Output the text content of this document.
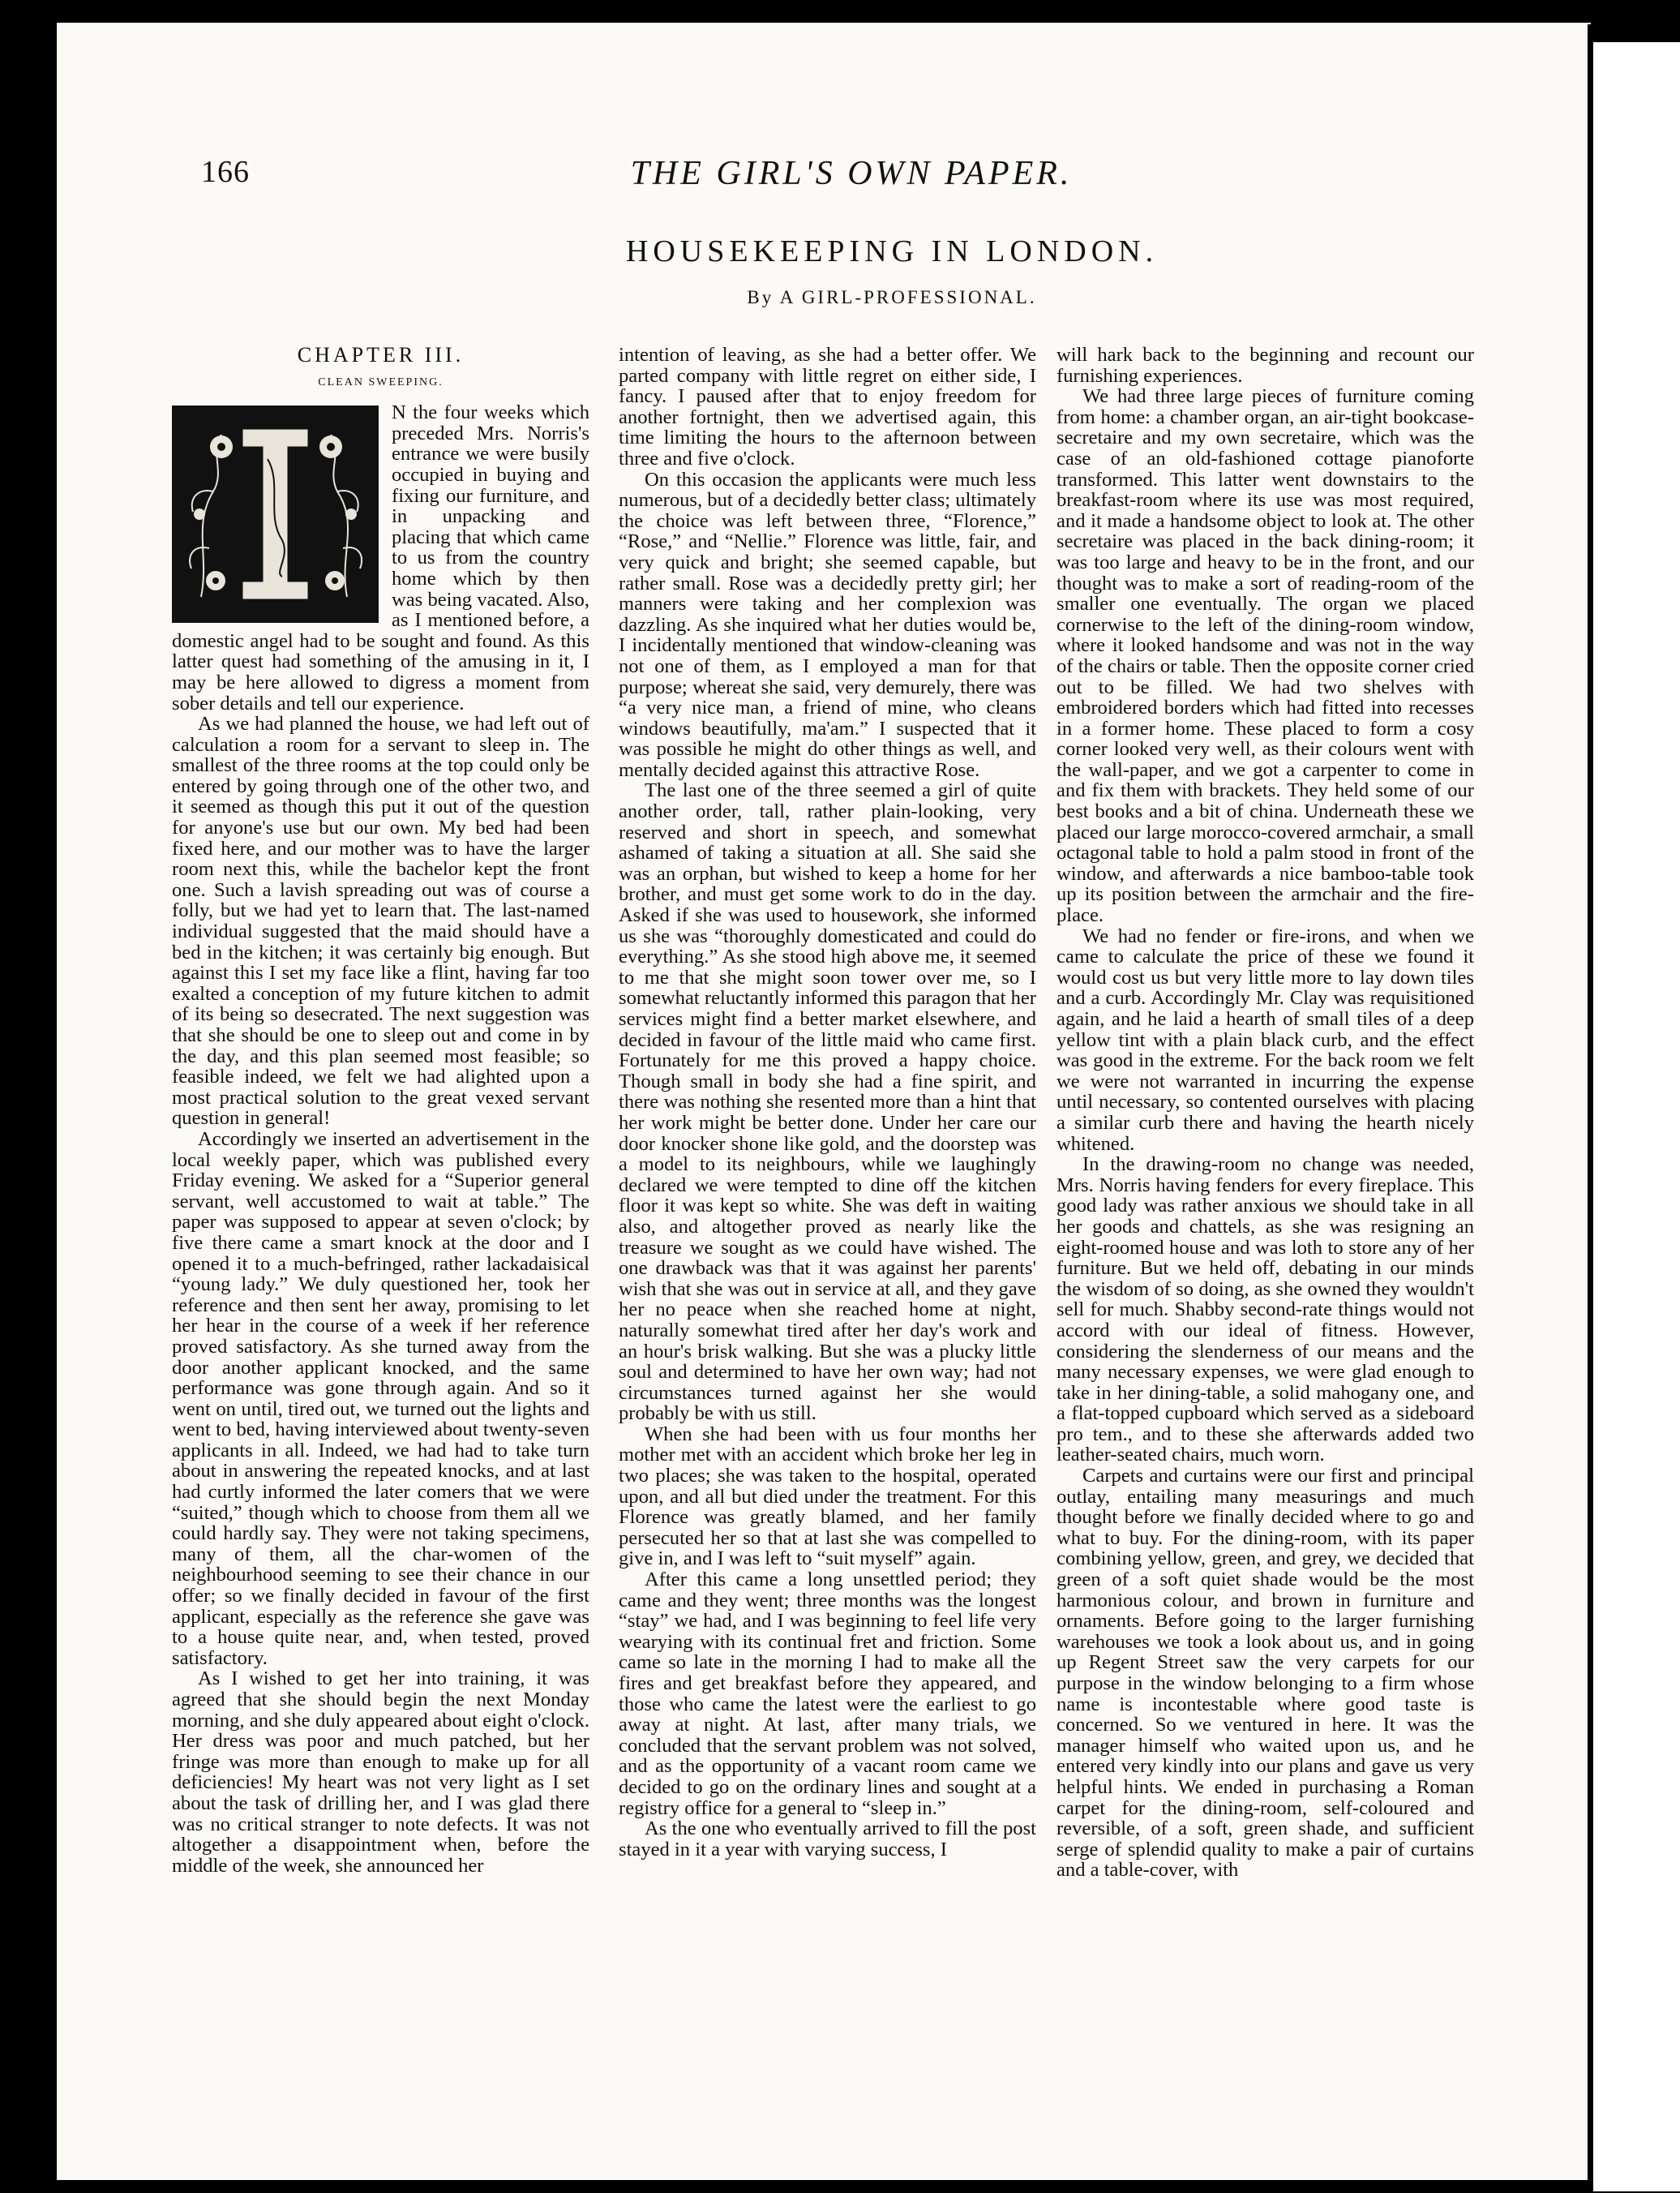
166	THE GIRL'S OWN PAPER.
HOUSEKEEPING IN LONDON.
By A GIRL-PROFESSIONAL.
CHAPTER III.
CLEAN SWEEPING.

N the four weeks which preceded Mrs. Norris's entrance we were busily occupied in buying and fixing our furniture, and in unpacking and placing that which came to us from the country home which by then was being vacated. Also, as I mentioned before, a domestic angel had to be sought and found. As this latter quest had something of the amusing in it, I may be here allowed to digress a moment from sober details and tell our experience.

As we had planned the house, we had left out of calculation a room for a servant to sleep in. The smallest of the three rooms at the top could only be entered by going through one of the other two, and it seemed as though this put it out of the question for anyone's use but our own. My bed had been fixed here, and our mother was to have the larger room next this, while the bachelor kept the front one. Such a lavish spreading out was of course a folly, but we had yet to learn that. The last-named individual suggested that the maid should have a bed in the kitchen; it was certainly big enough. But against this I set my face like a flint, having far too exalted a conception of my future kitchen to admit of its being so desecrated. The next suggestion was that she should be one to sleep out and come in by the day, and this plan seemed most feasible; so feasible indeed, we felt we had alighted upon a most practical solution to the great vexed servant question in general!

Accordingly we inserted an advertisement in the local weekly paper, which was published every Friday evening. We asked for a “Superior general servant, well accustomed to wait at table.” The paper was supposed to appear at seven o'clock; by five there came a smart knock at the door and I opened it to a much-befringed, rather lackadaisical “young lady.” We duly questioned her, took her reference and then sent her away, promising to let her hear in the course of a week if her reference proved satisfactory. As she turned away from the door another applicant knocked, and the same performance was gone through again. And so it went on until, tired out, we turned out the lights and went to bed, having interviewed about twenty-seven applicants in all. Indeed, we had had to take turn about in answering the repeated knocks, and at last had curtly informed the later comers that we were “suited,” though which to choose from them all we could hardly say. They were not taking specimens, many of them, all the char-women of the neighbourhood seeming to see their chance in our offer; so we finally decided in favour of the first applicant, especially as the reference she gave was to a house quite near, and, when tested, proved satisfactory.

As I wished to get her into training, it was agreed that she should begin the next Monday morning, and she duly appeared about eight o'clock. Her dress was poor and much patched, but her fringe was more than enough to make up for all deficiencies! My heart was not very light as I set about the task of drilling her, and I was glad there was no critical stranger to note defects. It was not altogether a disappointment when, before the middle of the week, she announced her

intention of leaving, as she had a better offer. We parted company with little regret on either side, I fancy. I paused after that to enjoy freedom for another fortnight, then we advertised again, this time limiting the hours to the afternoon between three and five o'clock.

On this occasion the applicants were much less numerous, but of a decidedly better class; ultimately the choice was left between three, “Florence,” “Rose,” and “Nellie.” Florence was little, fair, and very quick and bright; she seemed capable, but rather small. Rose was a decidedly pretty girl; her manners were taking and her complexion was dazzling. As she inquired what her duties would be, I incidentally mentioned that window-cleaning was not one of them, as I employed a man for that purpose; whereat she said, very demurely, there was “a very nice man, a friend of mine, who cleans windows beautifully, ma'am.” I suspected that it was possible he might do other things as well, and mentally decided against this attractive Rose.

The last one of the three seemed a girl of quite another order, tall, rather plain-looking, very reserved and short in speech, and somewhat ashamed of taking a situation at all. She said she was an orphan, but wished to keep a home for her brother, and must get some work to do in the day. Asked if she was used to housework, she informed us she was “thoroughly domesticated and could do everything.” As she stood high above me, it seemed to me that she might soon tower over me, so I somewhat reluctantly informed this paragon that her services might find a better market elsewhere, and decided in favour of the little maid who came first. Fortunately for me this proved a happy choice. Though small in body she had a fine spirit, and there was nothing she resented more than a hint that her work might be better done. Under her care our door knocker shone like gold, and the doorstep was a model to its neighbours, while we laughingly declared we were tempted to dine off the kitchen floor it was kept so white. She was deft in waiting also, and altogether proved as nearly like the treasure we sought as we could have wished. The one drawback was that it was against her parents' wish that she was out in service at all, and they gave her no peace when she reached home at night, naturally somewhat tired after her day's work and an hour's brisk walking. But she was a plucky little soul and determined to have her own way; had not circumstances turned against her she would probably be with us still.

When she had been with us four months her mother met with an accident which broke her leg in two places; she was taken to the hospital, operated upon, and all but died under the treatment. For this Florence was greatly blamed, and her family persecuted her so that at last she was compelled to give in, and I was left to “suit myself” again.

After this came a long unsettled period; they came and they went; three months was the longest “stay” we had, and I was beginning to feel life very wearying with its continual fret and friction. Some came so late in the morning I had to make all the fires and get breakfast before they appeared, and those who came the latest were the earliest to go away at night. At last, after many trials, we concluded that the servant problem was not solved, and as the opportunity of a vacant room came we decided to go on the ordinary lines and sought at a registry office for a general to “sleep in.”

As the one who eventually arrived to fill the post stayed in it a year with varying success, I

will hark back to the beginning and recount our furnishing experiences.

We had three large pieces of furniture coming from home: a chamber organ, an air-tight bookcase-secretaire and my own secretaire, which was the case of an old-fashioned cottage pianoforte transformed. This latter went downstairs to the breakfast-room where its use was most required, and it made a handsome object to look at. The other secretaire was placed in the back dining-room; it was too large and heavy to be in the front, and our thought was to make a sort of reading-room of the smaller one eventually. The organ we placed cornerwise to the left of the dining-room window, where it looked handsome and was not in the way of the chairs or table. Then the opposite corner cried out to be filled. We had two shelves with embroidered borders which had fitted into recesses in a former home. These placed to form a cosy corner looked very well, as their colours went with the wall-paper, and we got a carpenter to come in and fix them with brackets. They held some of our best books and a bit of china. Underneath these we placed our large morocco-covered armchair, a small octagonal table to hold a palm stood in front of the window, and afterwards a nice bamboo-table took up its position between the armchair and the fire-place.

We had no fender or fire-irons, and when we came to calculate the price of these we found it would cost us but very little more to lay down tiles and a curb. Accordingly Mr. Clay was requisitioned again, and he laid a hearth of small tiles of a deep yellow tint with a plain black curb, and the effect was good in the extreme. For the back room we felt we were not warranted in incurring the expense until necessary, so contented ourselves with placing a similar curb there and having the hearth nicely whitened.

In the drawing-room no change was needed, Mrs. Norris having fenders for every fireplace. This good lady was rather anxious we should take in all her goods and chattels, as she was resigning an eight-roomed house and was loth to store any of her furniture. But we held off, debating in our minds the wisdom of so doing, as she owned they wouldn't sell for much. Shabby second-rate things would not accord with our ideal of fitness. However, considering the slenderness of our means and the many necessary expenses, we were glad enough to take in her dining-table, a solid mahogany one, and a flat-topped cupboard which served as a sideboard pro tem., and to these she afterwards added two leather-seated chairs, much worn.

Carpets and curtains were our first and principal outlay, entailing many measurings and much thought before we finally decided where to go and what to buy. For the dining-room, with its paper combining yellow, green, and grey, we decided that green of a soft quiet shade would be the most harmonious colour, and brown in furniture and ornaments. Before going to the larger furnishing warehouses we took a look about us, and in going up Regent Street saw the very carpets for our purpose in the window belonging to a firm whose name is incontestable where good taste is concerned. So we ventured in here. It was the manager himself who waited upon us, and he entered very kindly into our plans and gave us very helpful hints. We ended in purchasing a Roman carpet for the dining-room, self-coloured and reversible, of a soft, green shade, and sufficient serge of splendid quality to make a pair of curtains and a table-cover, with
